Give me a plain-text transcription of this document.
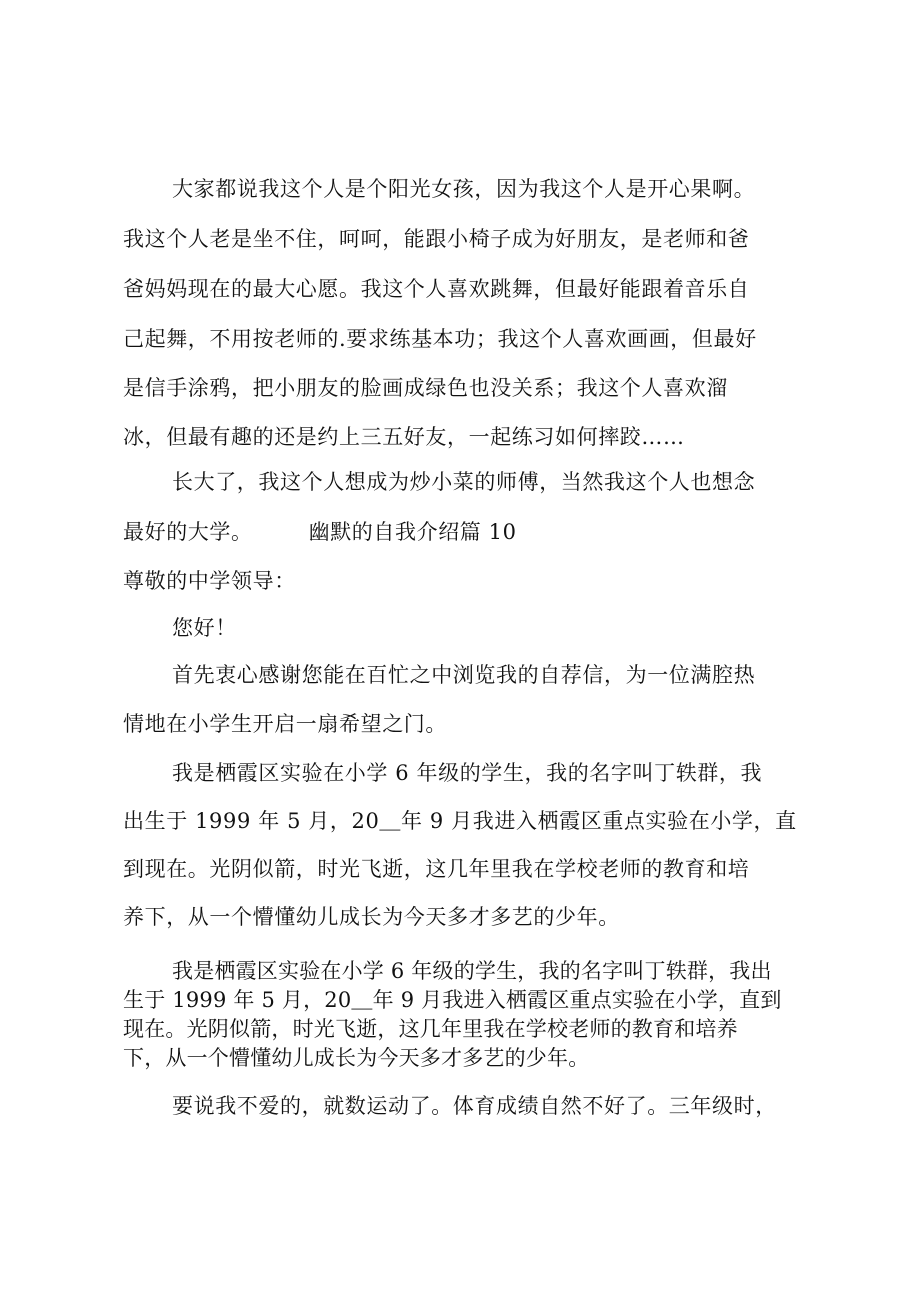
大家都说我这个人是个阳光女孩，因为我这个人是开心果啊。
我这个人老是坐不住，呵呵，能跟小椅子成为好朋友，是老师和爸
爸妈妈现在的最大心愿。我这个人喜欢跳舞，但最好能跟着音乐自
己起舞，不用按老师的.要求练基本功；我这个人喜欢画画，但最好
是信手涂鸦，把小朋友的脸画成绿色也没关系；我这个人喜欢溜
冰，但最有趣的还是约上三五好友，一起练习如何摔跤……
长大了，我这个人想成为炒小菜的师傅，当然我这个人也想念
最好的大学。	幽默的自我介绍篇 10
尊敬的中学领导：
您好！
首先衷心感谢您能在百忙之中浏览我的自荐信，为一位满腔热
情地在小学生开启一扇希望之门。
我是栖霞区实验在小学 6 年级的学生，我的名字叫丁轶群，我
出生于 1999 年 5 月，20＿年 9 月我进入栖霞区重点实验在小学，直
到现在。光阴似箭，时光飞逝，这几年里我在学校老师的教育和培
养下，从一个懵懂幼儿成长为今天多才多艺的少年。
我是栖霞区实验在小学 6 年级的学生，我的名字叫丁轶群，我出
生于 1999 年 5 月，20＿年 9 月我进入栖霞区重点实验在小学，直到
现在。光阴似箭，时光飞逝，这几年里我在学校老师的教育和培养
下，从一个懵懂幼儿成长为今天多才多艺的少年。
要说我不爱的，就数运动了。体育成绩自然不好了。三年级时，
